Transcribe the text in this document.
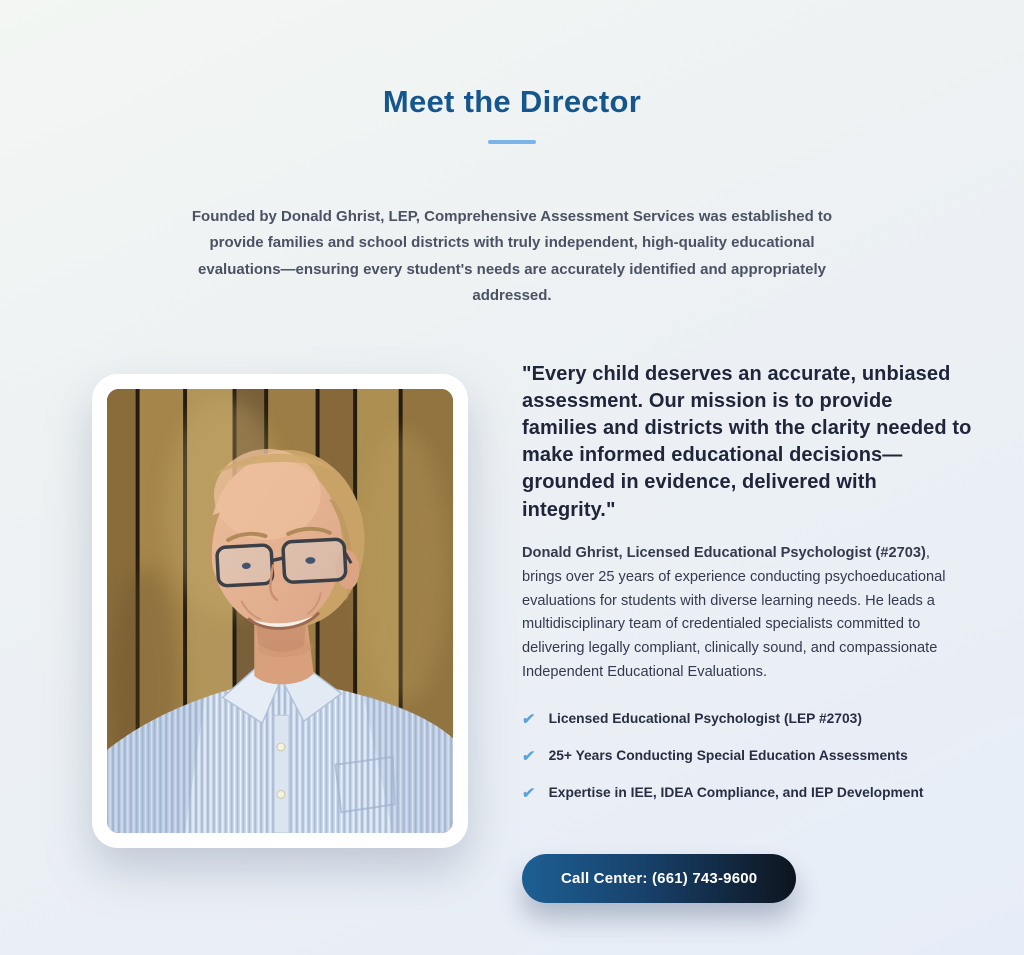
Meet the Director

Founded by Donald Ghrist, LEP, Comprehensive Assessment Services was established to provide families and school districts with truly independent, high-quality educational evaluations—ensuring every student's needs are accurately identified and appropriately addressed.

"Every child deserves an accurate, unbiased assessment. Our mission is to provide families and districts with the clarity needed to make informed educational decisions—grounded in evidence, delivered with integrity."

Donald Ghrist, Licensed Educational Psychologist (#2703), brings over 25 years of experience conducting psychoeducational evaluations for students with diverse learning needs. He leads a multidisciplinary team of credentialed specialists committed to delivering legally compliant, clinically sound, and compassionate Independent Educational Evaluations.

✔ Licensed Educational Psychologist (LEP #2703)
✔ 25+ Years Conducting Special Education Assessments
✔ Expertise in IEE, IDEA Compliance, and IEP Development
Call Center: (661) 743-9600
